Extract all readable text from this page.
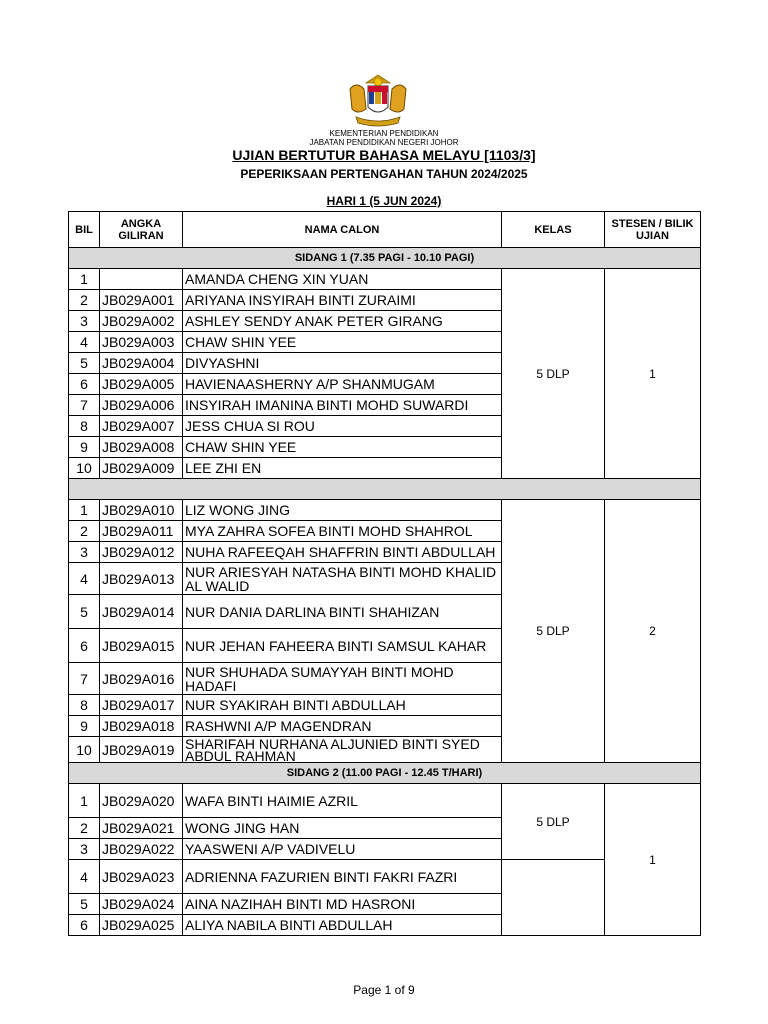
KEMENTERIAN PENDIDIKAN
JABATAN PENDIDIKAN NEGERI JOHOR
UJIAN BERTUTUR BAHASA MELAYU [1103/3]
PEPERIKSAAN PERTENGAHAN TAHUN 2024/2025
HARI 1 (5 JUN 2024)
BIL	ANGKA GILIRAN	NAMA CALON	KELAS	STESEN / BILIK UJIAN
SIDANG 1 (7.35 PAGI - 10.10 PAGI)				
1		AMANDA CHENG XIN YUAN	5 DLP	1
2	JB029A001	ARIYANA INSYIRAH BINTI ZURAIMI		
3	JB029A002	ASHLEY SENDY ANAK PETER GIRANG		
4	JB029A003	CHAW SHIN YEE		
5	JB029A004	DIVYASHNI		
6	JB029A005	HAVIENAASHERNY A/P SHANMUGAM		
7	JB029A006	INSYIRAH IMANINA BINTI MOHD SUWARDI		
8	JB029A007	JESS CHUA SI ROU		
9	JB029A008	CHAW SHIN YEE		
10	JB029A009	LEE ZHI EN		

1	JB029A010	LIZ WONG JING	5 DLP	2
2	JB029A011	MYA ZAHRA SOFEA BINTI MOHD SHAHROL		
3	JB029A012	NUHA RAFEEQAH SHAFFRIN BINTI ABDULLAH		
4	JB029A013	NUR ARIESYAH NATASHA BINTI MOHD KHALID AL WALID		
5	JB029A014	NUR DANIA DARLINA BINTI SHAHIZAN		
6	JB029A015	NUR JEHAN FAHEERA BINTI SAMSUL KAHAR		
7	JB029A016	NUR SHUHADA SUMAYYAH BINTI MOHD HADAFI		
8	JB029A017	NUR SYAKIRAH BINTI ABDULLAH		
9	JB029A018	RASHWNI A/P MAGENDRAN		
10	JB029A019	SHARIFAH NURHANA ALJUNIED BINTI SYED ABDUL RAHMAN		
SIDANG 2 (11.00 PAGI - 12.45 T/HARI)				
1	JB029A020	WAFA BINTI HAIMIE AZRIL	5 DLP	1
2	JB029A021	WONG JING HAN		
3	JB029A022	YAASWENI A/P VADIVELU		
4	JB029A023	ADRIENNA FAZURIEN BINTI FAKRI FAZRI		
5	JB029A024	AINA NAZIHAH BINTI MD HASRONI		
6	JB029A025	ALIYA NABILA BINTI ABDULLAH		
Page 1 of 9
